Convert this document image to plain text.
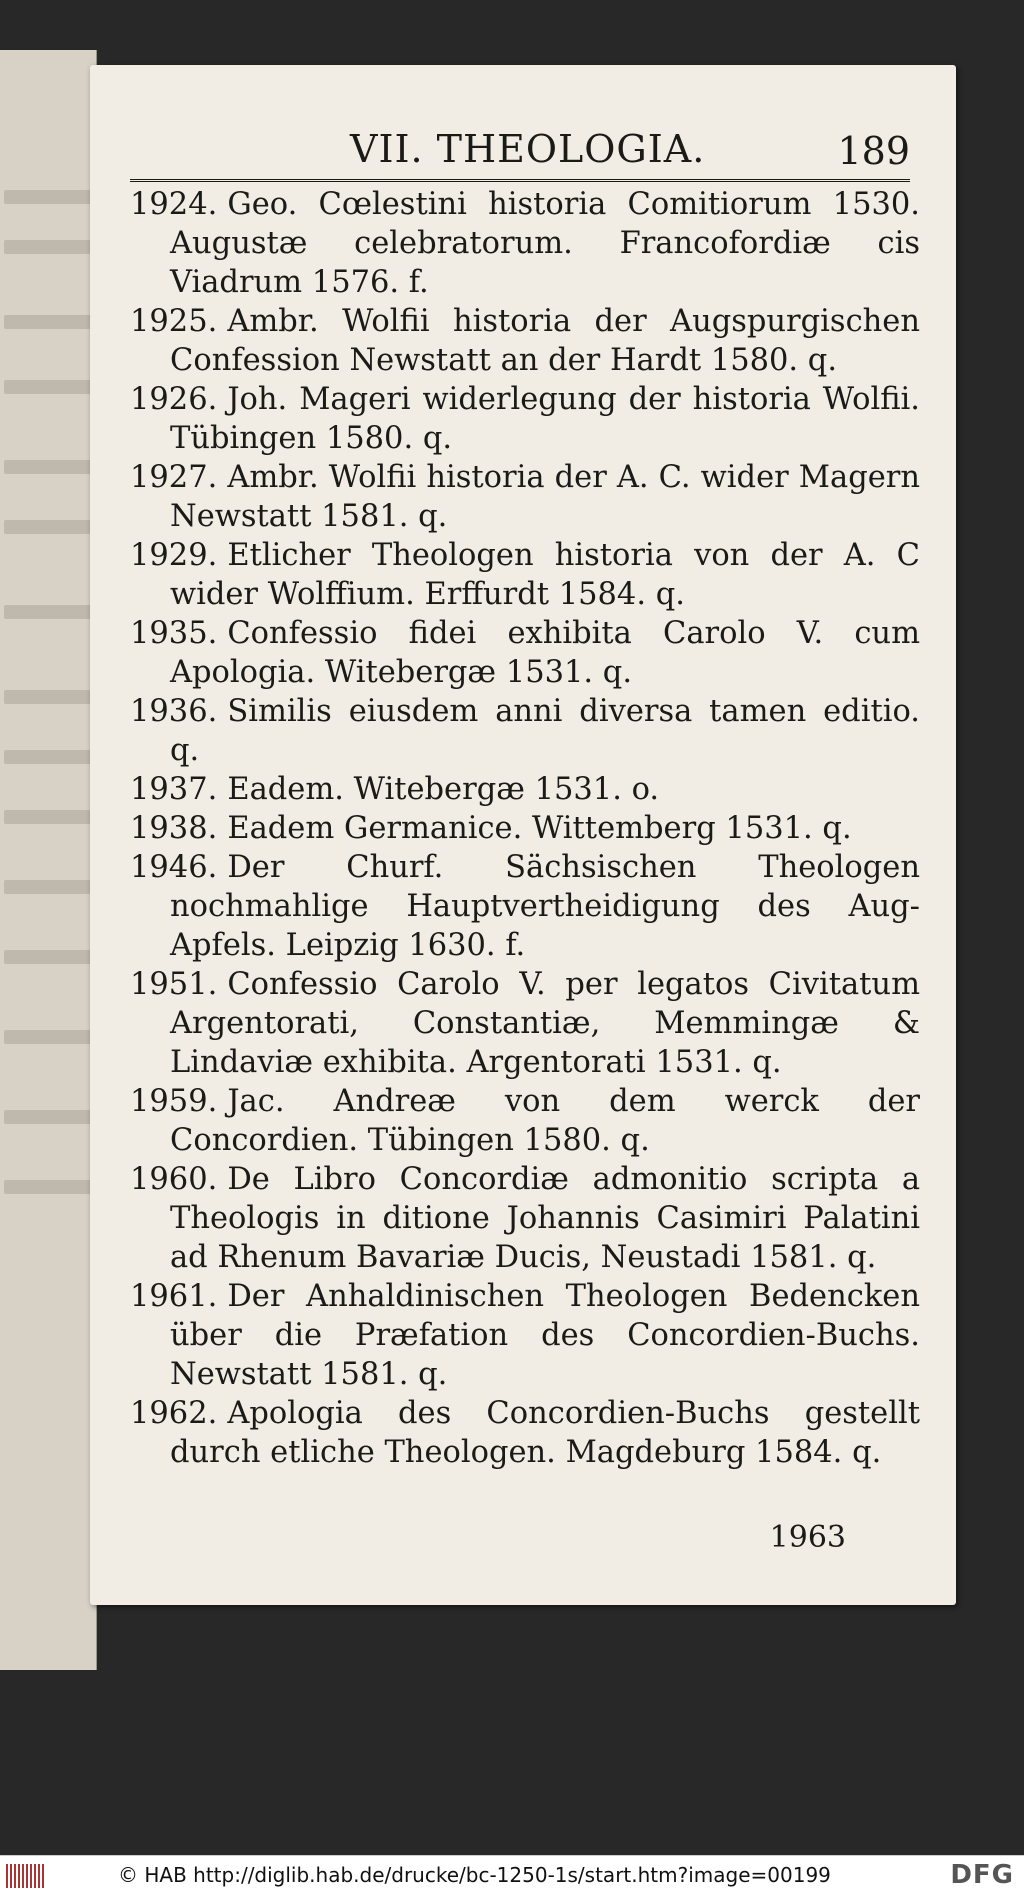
VII. THEOLOGIA.	189
1924. Geo. Cœlestini historia Comitiorum 1530. Augustæ celebratorum. Francofordiæ cis Viadrum 1576. f.
1925. Ambr. Wolfii historia der Augspurgischen Confession Newstatt an der Hardt 1580. q.
1926. Joh. Mageri widerlegung der historia Wolfii. Tübingen 1580. q.
1927. Ambr. Wolfii historia der A. C. wider Magern Newstatt 1581. q.
1929. Etlicher Theologen historia von der A. C wider Wolffium. Erffurdt 1584. q.
1935. Confessio fidei exhibita Carolo V. cum Apologia. Witebergæ 1531. q.
1936. Similis eiusdem anni diversa tamen editio. q.
1937. Eadem. Witebergæ 1531. o.
1938. Eadem Germanice. Wittemberg 1531. q.
1946. Der Churf. Sächsischen Theologen nochmahlige Hauptvertheidigung des Aug-Apfels. Leipzig 1630. f.
1951. Confessio Carolo V. per legatos Civitatum Argentorati, Constantiæ, Memmingæ & Lindaviæ exhibita. Argentorati 1531. q.
1959. Jac. Andreæ von dem werck der Concordien. Tübingen 1580. q.
1960. De Libro Concordiæ admonitio scripta a Theologis in ditione Johannis Casimiri Palatini ad Rhenum Bavariæ Ducis, Neustadi 1581. q.
1961. Der Anhaldinischen Theologen Bedencken über die Præfation des Concordien-Buchs. Newstatt 1581. q.
1962. Apologia des Concordien-Buchs gestellt durch etliche Theologen. Magdeburg 1584. q.
1963
© HAB http://diglib.hab.de/drucke/bc-1250-1s/start.htm?image=00199	DFG
